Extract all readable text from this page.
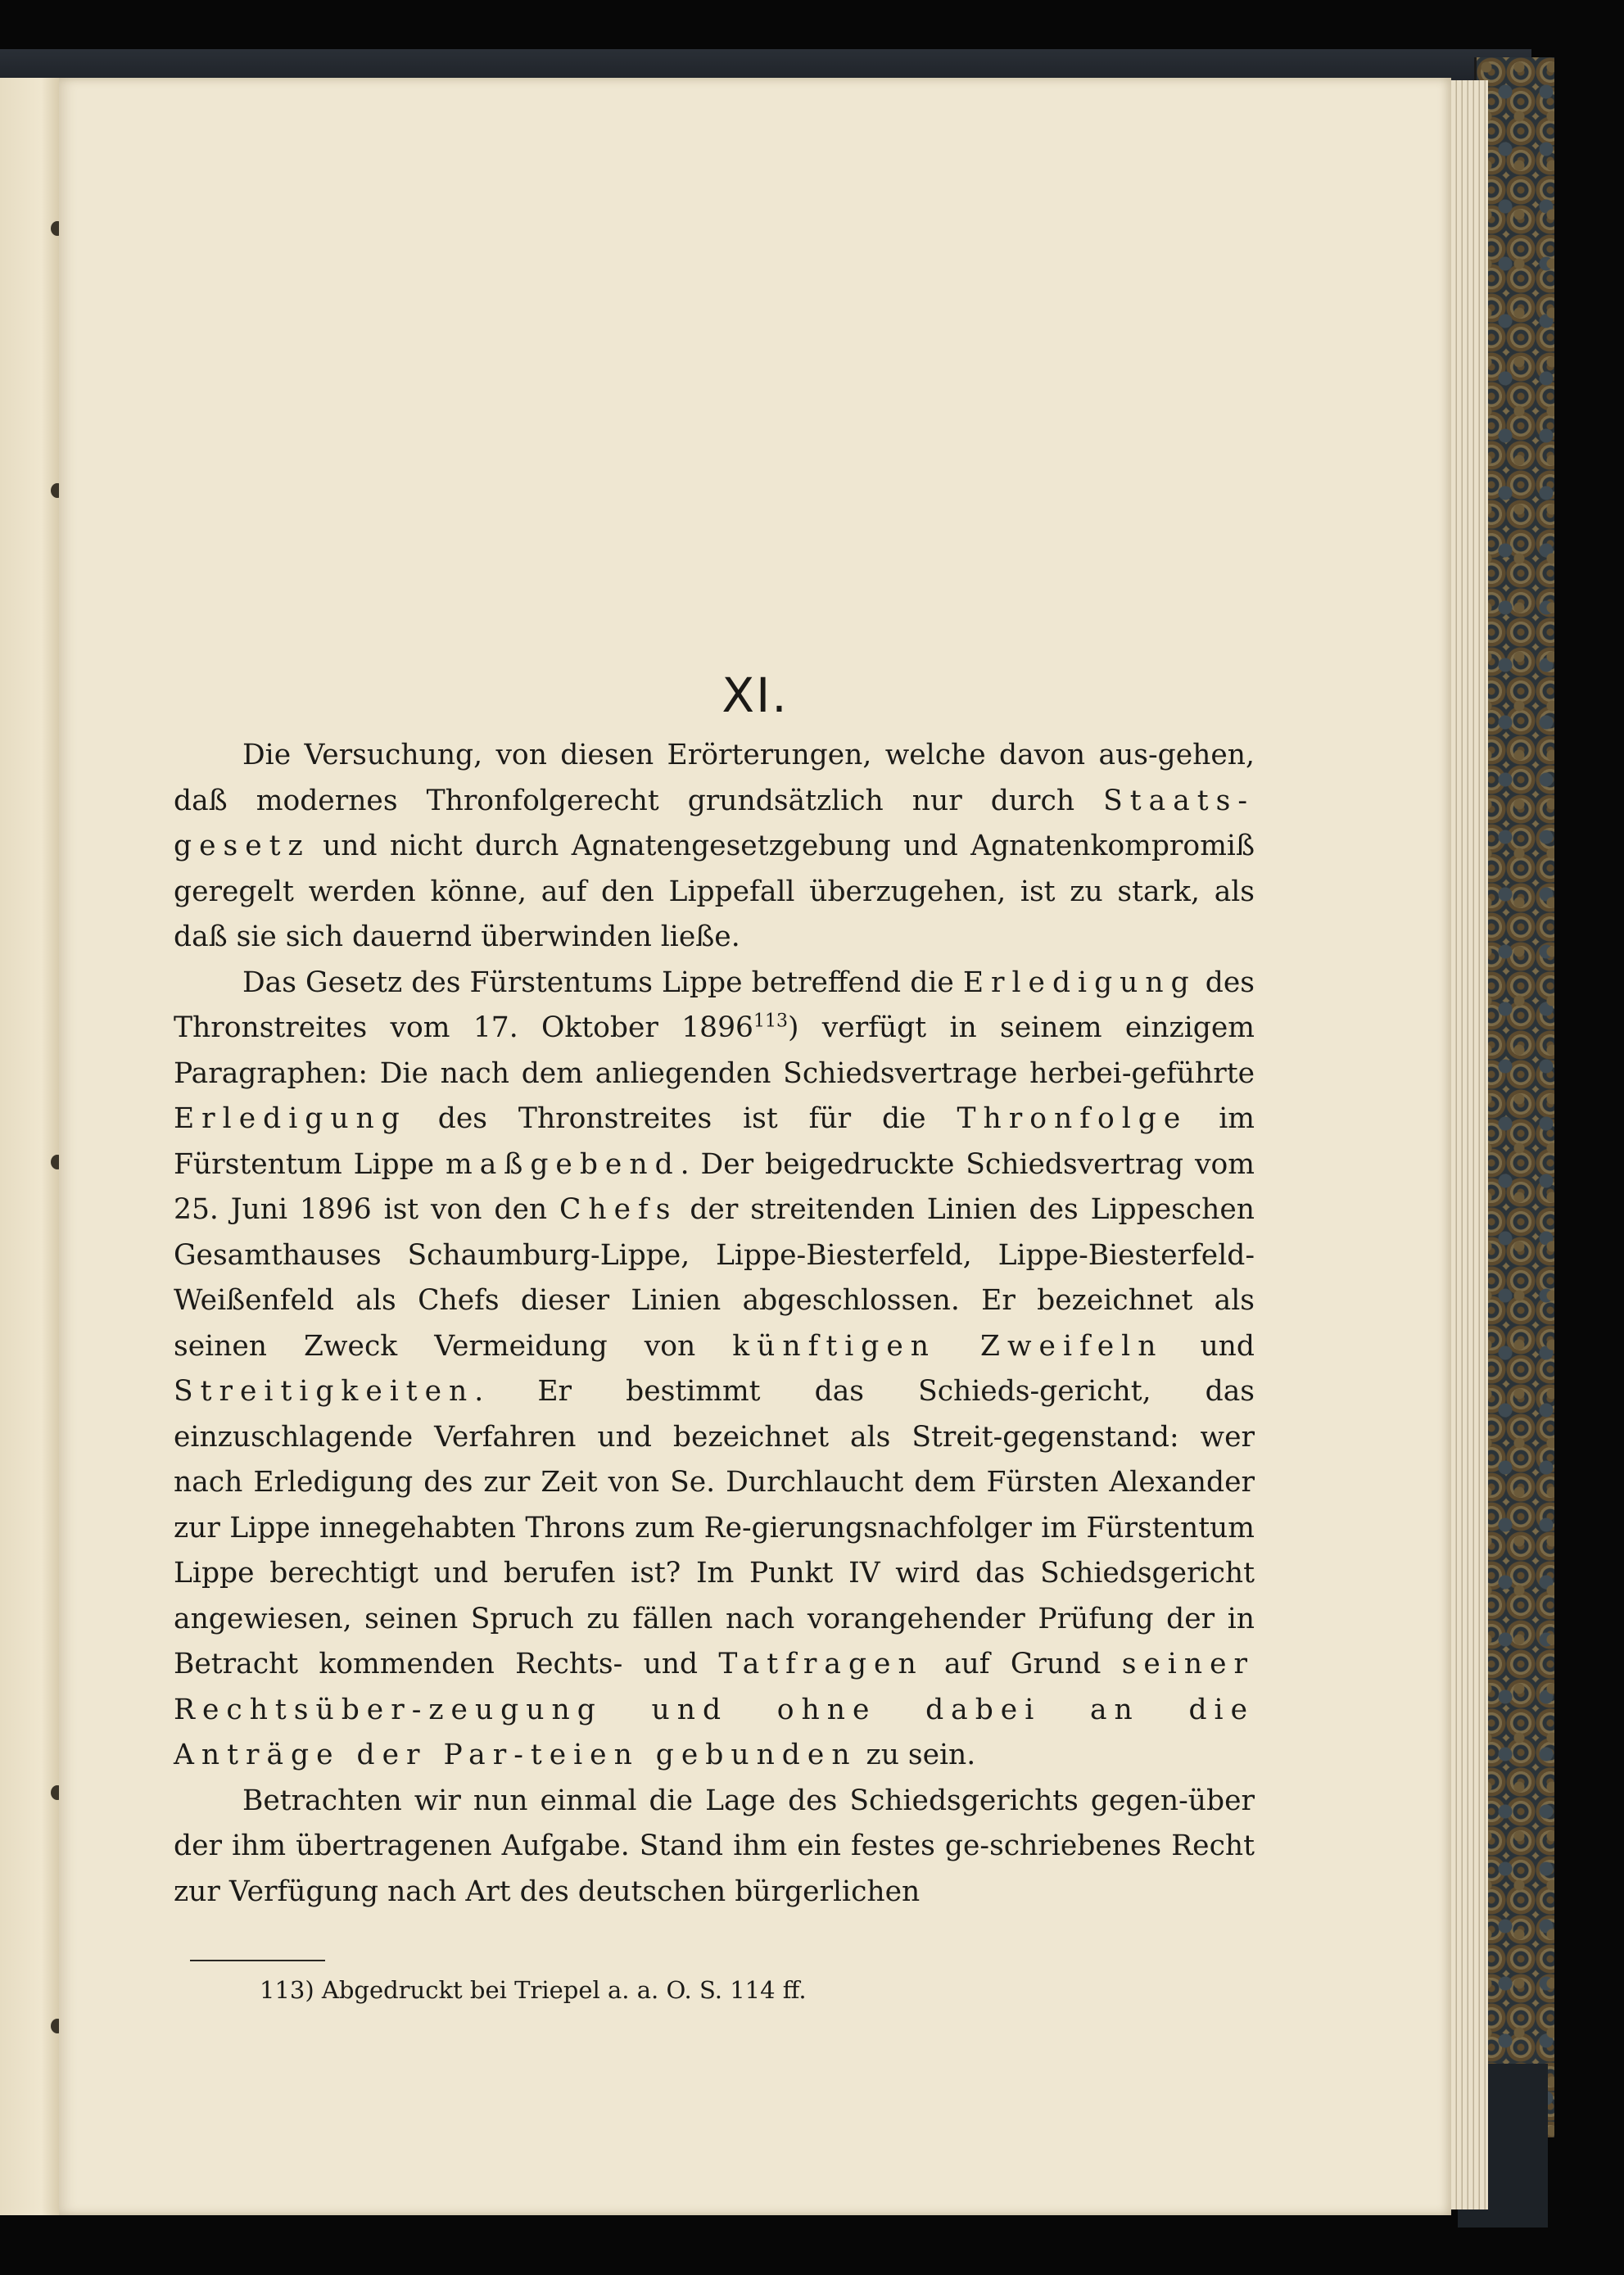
XI.

Die Versuchung, von diesen Erörterungen, welche davon aus-gehen, daß modernes Thronfolgerecht grundsätzlich nur durch Staats-gesetz und nicht durch Agnatengesetzgebung und Agnatenkompromiß geregelt werden könne, auf den Lippefall überzugehen, ist zu stark, als daß sie sich dauernd überwinden ließe.

Das Gesetz des Fürstentums Lippe betreffend die Erledigung des Thronstreites vom 17. Oktober 1896$^{113}$) verfügt in seinem einzigem Paragraphen: Die nach dem anliegenden Schiedsvertrage herbei-geführte Erledigung des Thronstreites ist für die Thronfolge im Fürstentum Lippe maßgebend. Der beigedruckte Schiedsvertrag vom 25. Juni 1896 ist von den Chefs der streitenden Linien des Lippeschen Gesamthauses Schaumburg-Lippe, Lippe-Biesterfeld, Lippe-Biesterfeld-Weißenfeld als Chefs dieser Linien abgeschlossen. Er bezeichnet als seinen Zweck Vermeidung von künftigen Zweifeln und Streitigkeiten. Er bestimmt das Schieds-gericht, das einzuschlagende Verfahren und bezeichnet als Streit-gegenstand: wer nach Erledigung des zur Zeit von Se. Durchlaucht dem Fürsten Alexander zur Lippe innegehabten Throns zum Re-gierungsnachfolger im Fürstentum Lippe berechtigt und berufen ist? Im Punkt IV wird das Schiedsgericht angewiesen, seinen Spruch zu fällen nach vorangehender Prüfung der in Betracht kommenden Rechts- und Tatfragen auf Grund seiner Rechtsüber-zeugung und ohne dabei an die Anträge der Par-teien gebunden zu sein.

Betrachten wir nun einmal die Lage des Schiedsgerichts gegen-über der ihm übertragenen Aufgabe. Stand ihm ein festes ge-schriebenes Recht zur Verfügung nach Art des deutschen bürgerlichen

113) Abgedruckt bei Triepel a. a. O. S. 114 ff.
